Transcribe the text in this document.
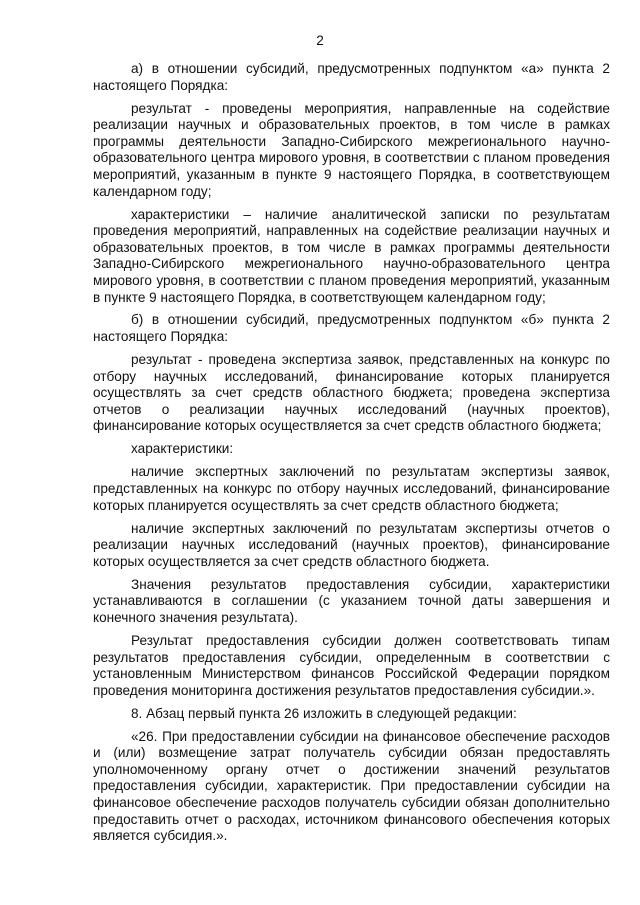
2

а) в отношении субсидий, предусмотренных подпунктом «а» пункта 2 настоящего Порядка:

результат - проведены мероприятия, направленные на содействие реализации научных и образовательных проектов, в том числе в рамках программы деятельности Западно-Сибирского межрегионального научно-образовательного центра мирового уровня, в соответствии с планом проведения мероприятий, указанным в пункте 9 настоящего Порядка, в соответствующем календарном году;

характеристики – наличие аналитической записки по результатам проведения мероприятий, направленных на содействие реализации научных и образовательных проектов, в том числе в рамках программы деятельности Западно-Сибирского межрегионального научно-образовательного центра мирового уровня, в соответствии с планом проведения мероприятий, указанным в пункте 9 настоящего Порядка, в соответствующем календарном году;

б) в отношении субсидий, предусмотренных подпунктом «б» пункта 2 настоящего Порядка:

результат - проведена экспертиза заявок, представленных на конкурс по отбору научных исследований, финансирование которых планируется осуществлять за счет средств областного бюджета; проведена экспертиза отчетов о реализации научных исследований (научных проектов), финансирование которых осуществляется за счет средств областного бюджета;

характеристики:

наличие экспертных заключений по результатам экспертизы заявок, представленных на конкурс по отбору научных исследований, финансирование которых планируется осуществлять за счет средств областного бюджета;

наличие экспертных заключений по результатам экспертизы отчетов о реализации научных исследований (научных проектов), финансирование которых осуществляется за счет средств областного бюджета.

Значения результатов предоставления субсидии, характеристики устанавливаются в соглашении (с указанием точной даты завершения и конечного значения результата).

Результат предоставления субсидии должен соответствовать типам результатов предоставления субсидии, определенным в соответствии с установленным Министерством финансов Российской Федерации порядком проведения мониторинга достижения результатов предоставления субсидии.».

8. Абзац первый пункта 26 изложить в следующей редакции:

«26. При предоставлении субсидии на финансовое обеспечение расходов и (или) возмещение затрат получатель субсидии обязан предоставлять уполномоченному органу отчет о достижении значений результатов предоставления субсидии, характеристик. При предоставлении субсидии на финансовое обеспечение расходов получатель субсидии обязан дополнительно предоставить отчет о расходах, источником финансового обеспечения которых является субсидия.».
